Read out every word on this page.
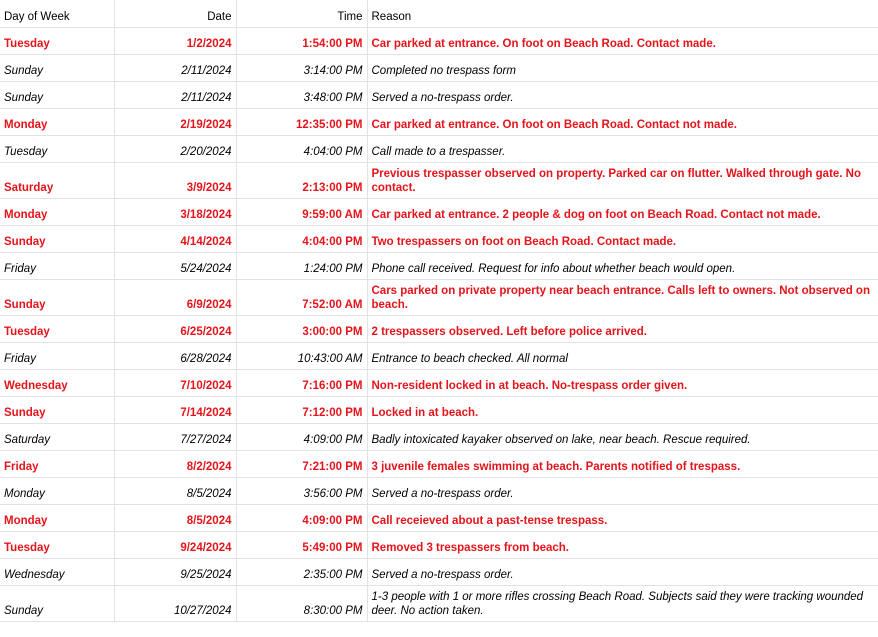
Day of Week	Date	Time	Reason
Tuesday	1/2/2024	1:54:00 PM	Car parked at entrance. On foot on Beach Road. Contact made.
Sunday	2/11/2024	3:14:00 PM	Completed no trespass form
Sunday	2/11/2024	3:48:00 PM	Served a no-trespass order.
Monday	2/19/2024	12:35:00 PM	Car parked at entrance. On foot on Beach Road. Contact not made.
Tuesday	2/20/2024	4:04:00 PM	Call made to a trespasser.
Saturday	3/9/2024	2:13:00 PM	Previous trespasser observed on property. Parked car on flutter. Walked through gate. No contact.
Monday	3/18/2024	9:59:00 AM	Car parked at entrance. 2 people & dog on foot on Beach Road. Contact not made.
Sunday	4/14/2024	4:04:00 PM	Two trespassers on foot on Beach Road. Contact made.
Friday	5/24/2024	1:24:00 PM	Phone call received. Request for info about whether beach would open.
Sunday	6/9/2024	7:52:00 AM	Cars parked on private property near beach entrance. Calls left to owners. Not observed on beach.
Tuesday	6/25/2024	3:00:00 PM	2 trespassers observed. Left before police arrived.
Friday	6/28/2024	10:43:00 AM	Entrance to beach checked. All normal
Wednesday	7/10/2024	7:16:00 PM	Non-resident locked in at beach. No-trespass order given.
Sunday	7/14/2024	7:12:00 PM	Locked in at beach.
Saturday	7/27/2024	4:09:00 PM	Badly intoxicated kayaker observed on lake, near beach. Rescue required.
Friday	8/2/2024	7:21:00 PM	3 juvenile females swimming at beach. Parents notified of trespass.
Monday	8/5/2024	3:56:00 PM	Served a no-trespass order.
Monday	8/5/2024	4:09:00 PM	Call receieved about a past-tense trespass.
Tuesday	9/24/2024	5:49:00 PM	Removed 3 trespassers from beach.
Wednesday	9/25/2024	2:35:00 PM	Served a no-trespass order.
Sunday	10/27/2024	8:30:00 PM	1-3 people with 1 or more rifles crossing Beach Road. Subjects said they were tracking wounded deer. No action taken.
